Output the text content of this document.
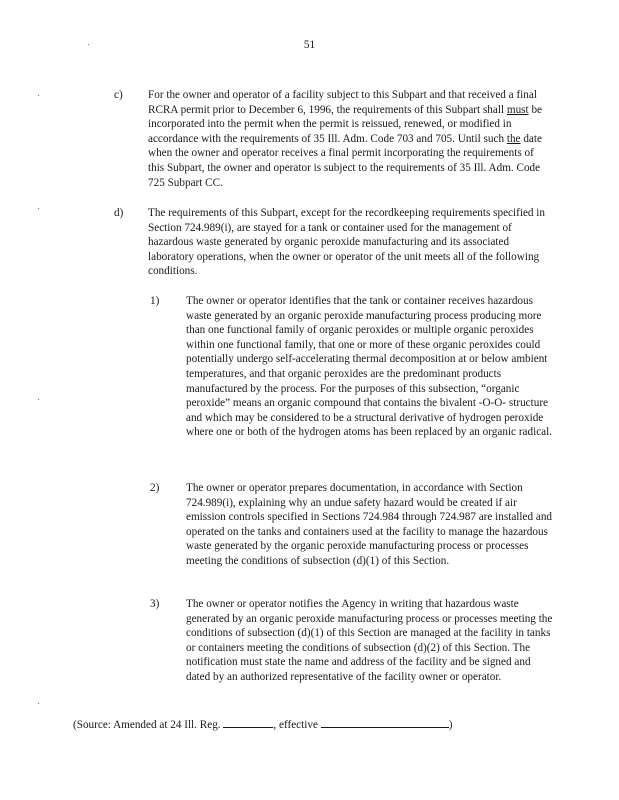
51
c) For the owner and operator of a facility subject to this Subpart and that received a final RCRA permit prior to December 6, 1996, the requirements of this Subpart shall must be incorporated into the permit when the permit is reissued, renewed, or modified in accordance with the requirements of 35 Ill. Adm. Code 703 and 705. Until such the date when the owner and operator receives a final permit incorporating the requirements of this Subpart, the owner and operator is subject to the requirements of 35 Ill. Adm. Code 725 Subpart CC.
d) The requirements of this Subpart, except for the recordkeeping requirements specified in Section 724.989(i), are stayed for a tank or container used for the management of hazardous waste generated by organic peroxide manufacturing and its associated laboratory operations, when the owner or operator of the unit meets all of the following conditions.
1) The owner or operator identifies that the tank or container receives hazardous waste generated by an organic peroxide manufacturing process producing more than one functional family of organic peroxides or multiple organic peroxides within one functional family, that one or more of these organic peroxides could potentially undergo self-accelerating thermal decomposition at or below ambient temperatures, and that organic peroxides are the predominant products manufactured by the process. For the purposes of this subsection, “organic peroxide” means an organic compound that contains the bivalent -O-O- structure and which may be considered to be a structural derivative of hydrogen peroxide where one or both of the hydrogen atoms has been replaced by an organic radical.
2) The owner or operator prepares documentation, in accordance with Section 724.989(i), explaining why an undue safety hazard would be created if air emission controls specified in Sections 724.984 through 724.987 are installed and operated on the tanks and containers used at the facility to manage the hazardous waste generated by the organic peroxide manufacturing process or processes meeting the conditions of subsection (d)(1) of this Section.
3) The owner or operator notifies the Agency in writing that hazardous waste generated by an organic peroxide manufacturing process or processes meeting the conditions of subsection (d)(1) of this Section are managed at the facility in tanks or containers meeting the conditions of subsection (d)(2) of this Section. The notification must state the name and address of the facility and be signed and dated by an authorized representative of the facility owner or operator.
(Source: Amended at 24 Ill. Reg.	, effective	)
